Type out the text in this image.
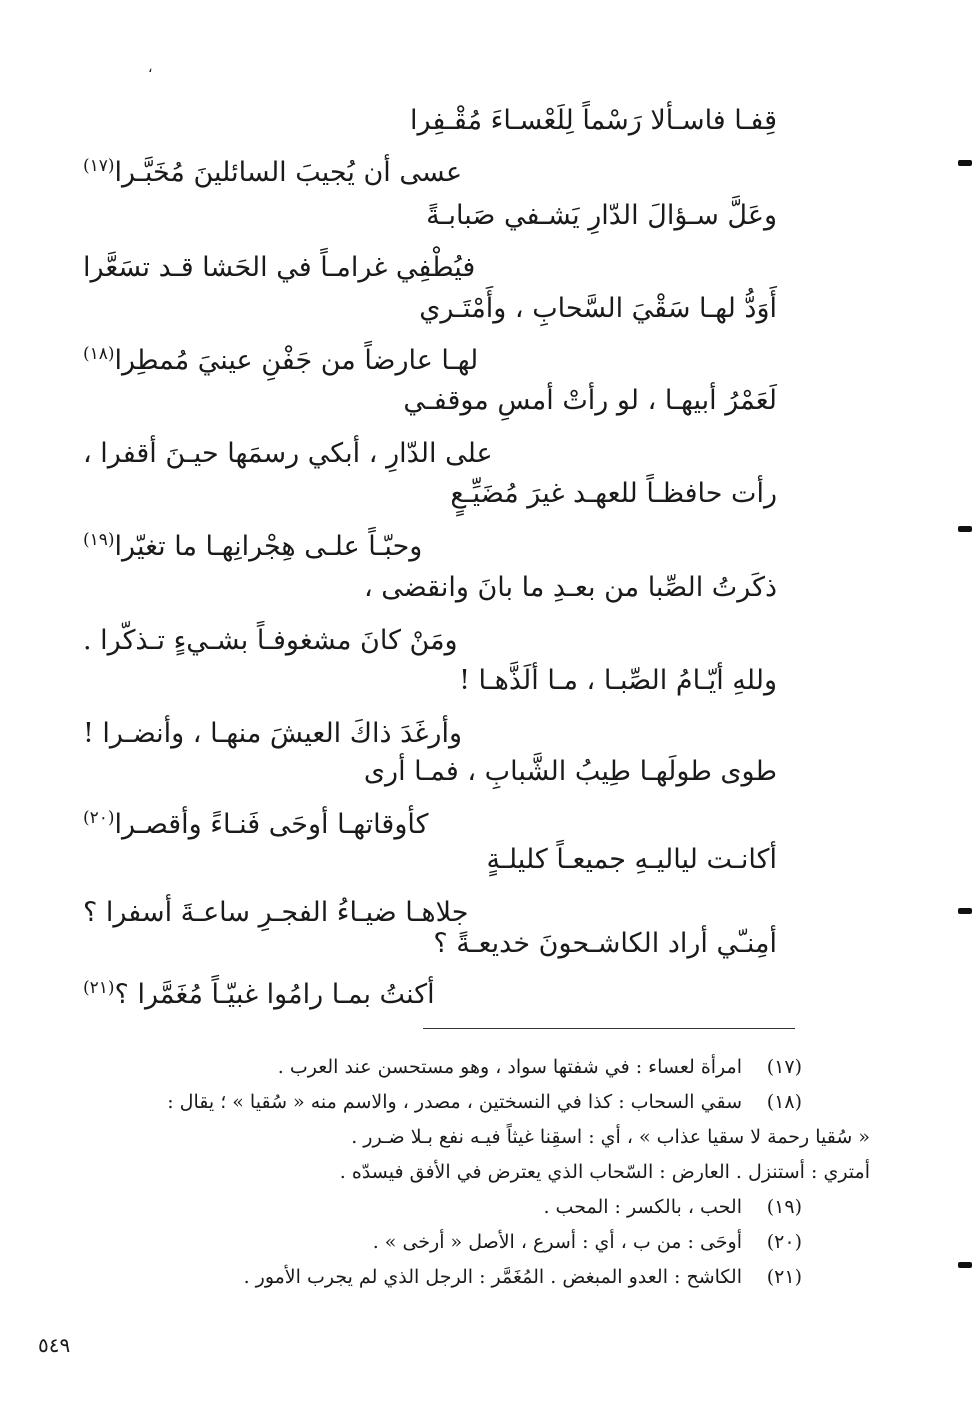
،
قِفـا فاسـألا رَسْماً لِلَعْسـاءَ مُقْـفِرا
عسى أن يُجيبَ السائلينَ مُخَبَّـرا$^{(١٧)}$
وعَلَّ سـؤالَ الدّارِ يَشـفي صَبابـةً
فيُطْفِي غرامـاً في الحَشا قـد تسَعَّرا
أَوَدُّ لهـا سَقْيَ السَّحابِ ، وأَمْتَـري
لهـا عارضاً من جَفْنِ عينيَ مُمطِرا$^{(١٨)}$
لَعَمْرُ أبيهـا ، لو رأتْ أمسِ موقفـي
على الدّارِ ، أبكي رسمَها حيـنَ أقفرا ،
رأت حافظـاً للعهـد غيرَ مُضَيِّـعٍ
وحبّـاً علـى هِجْرانِهـا ما تغيّرا$^{(١٩)}$
ذكَرتُ الصِّبا من بعـدِ ما بانَ وانقضى ،
ومَنْ كانَ مشغوفـاً بشـيءٍ تـذكّرا .
وللهِ أيّـامُ الصِّبـا ، مـا ألَذَّهـا !
وأرغَدَ ذاكَ العيشَ منهـا ، وأنضـرا !
طوى طولَهـا طِيبُ الشَّبابِ ، فمـا أرى
كأوقاتهـا أوحَى فَنـاءً وأقصـرا$^{(٢٠)}$
أكانـت لياليـهِ جميعـاً كليلـةٍ
جلاهـا ضيـاءُ الفجـرِ ساعـةَ أسفرا ؟
أمِنـّي أراد الكاشـحونَ خديعـةً ؟
أكنتُ بمـا رامُوا غبيّـاً مُغَمَّرا ؟$^{(٢١)}$
(١٧)
امرأة لعساء : في شفتها سواد ، وهو مستحسن عند العرب .
(١٨)
سقي السحاب : كذا في النسختين ، مصدر ، والاسم منه « سُقيا » ؛ يقال :
« سُقيا رحمة لا سقيا عذاب » ، أي : اسقِنا غيثاً فيـه نفع بـلا ضـرر .
أمتري : أستنزل . العارض : السّحاب الذي يعترض في الأفق فيسدّه .
(١٩)
الحب ، بالكسر : المحب .
(٢٠)
أوحَى : من ب ، أي : أسرع ، الأصل « أرخى » .
(٢١)
الكاشح : العدو المبغض . المُغَمَّر : الرجل الذي لم يجرب الأمور .
٥٤٩
